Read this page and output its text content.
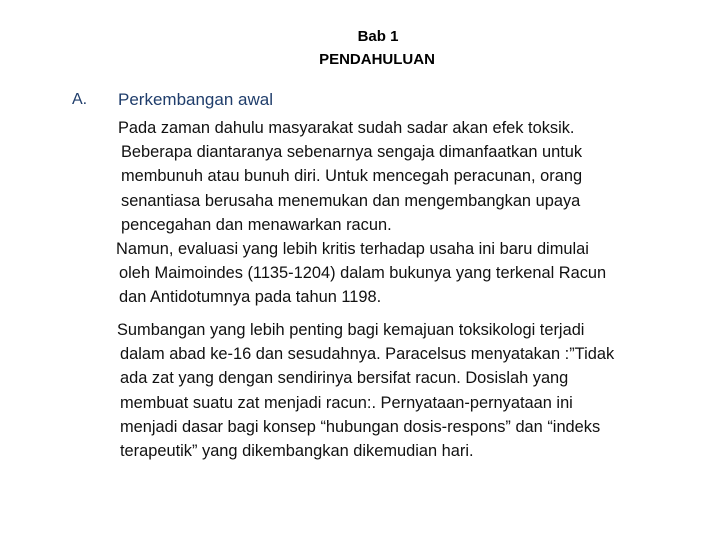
Bab 1
PENDAHULUAN
A. Perkembangan awal
Pada zaman dahulu masyarakat sudah sadar akan efek toksik.
Beberapa diantaranya sebenarnya sengaja dimanfaatkan untuk
membunuh atau bunuh diri. Untuk mencegah peracunan, orang
senantiasa berusaha menemukan dan mengembangkan upaya
pencegahan dan menawarkan racun.
Namun, evaluasi yang lebih kritis terhadap usaha ini baru dimulai
oleh Maimoindes (1135-1204) dalam bukunya yang terkenal Racun
dan Antidotumnya pada tahun 1198.
Sumbangan yang lebih penting bagi kemajuan toksikologi terjadi
dalam abad ke-16 dan sesudahnya. Paracelsus menyatakan :”Tidak
ada zat yang dengan sendirinya bersifat racun. Dosislah yang
membuat suatu zat menjadi racun:. Pernyataan-pernyataan ini
menjadi dasar bagi konsep “hubungan dosis-respons” dan “indeks
terapeutik” yang dikembangkan dikemudian hari.
